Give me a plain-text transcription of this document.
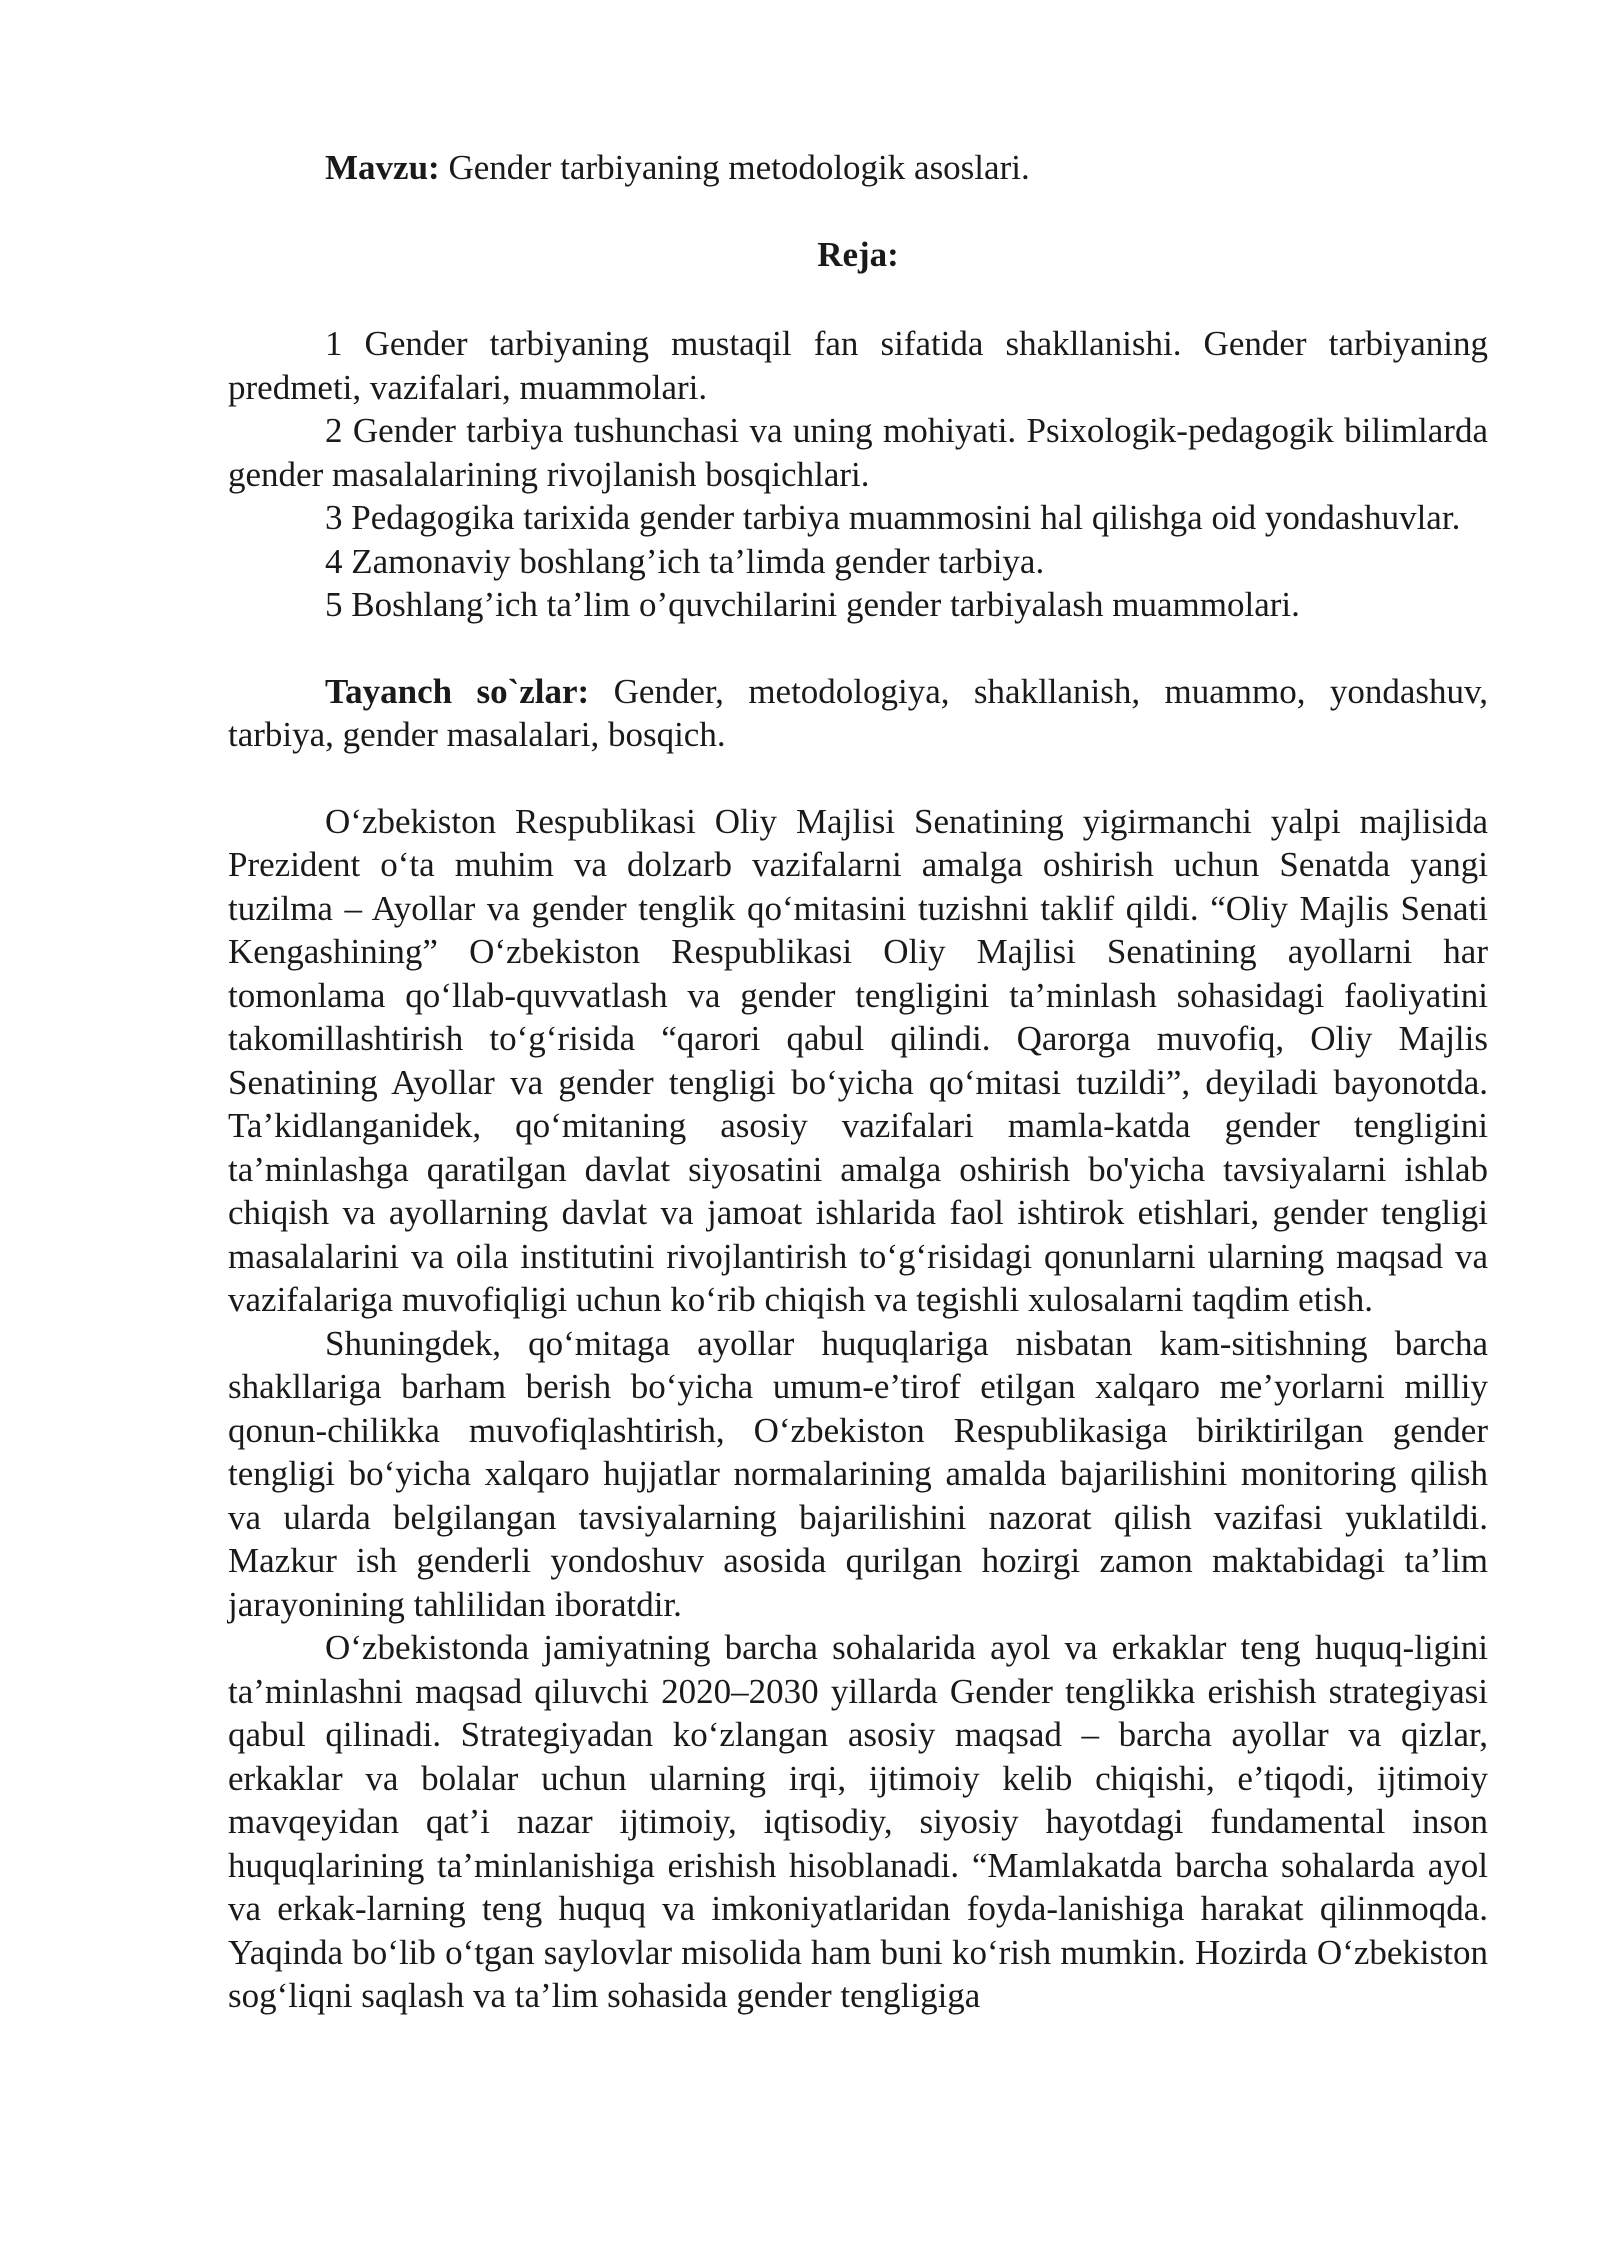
Mavzu: Gender tarbiyaning metodologik asoslari.

Reja:

1 Gender tarbiyaning mustaqil fan sifatida shakllanishi. Gender tarbiyaning predmeti, vazifalari, muammolari.
2 Gender tarbiya tushunchasi va uning mohiyati. Psixologik-pedagogik bilimlarda gender masalalarining rivojlanish bosqichlari.
3 Pedagogika tarixida gender tarbiya muammosini hal qilishga oid yondashuvlar.
4 Zamonaviy boshlang’ich ta’limda gender tarbiya.
5 Boshlang’ich ta’lim o’quvchilarini gender tarbiyalash muammolari.

Tayanch so`zlar: Gender, metodologiya, shakllanish, muammo, yondashuv, tarbiya, gender masalalari, bosqich.

O‘zbekiston Respublikasi Oliy Majlisi Senatining yigirmanchi yalpi majlisida Prezident o‘ta muhim va dolzarb vazifalarni amalga oshirish uchun Senatda yangi tuzilma – Ayollar va gender tenglik qo‘mitasini tuzishni taklif qildi. “Oliy Majlis Senati Kengashining” O‘zbekiston Respublikasi Oliy Majlisi Senatining ayollarni har tomonlama qo‘llab-quvvatlash va gender tengligini ta’minlash sohasidagi faoliyatini takomillashtirish to‘g‘risida “qarori qabul qilindi. Qarorga muvofiq, Oliy Majlis Senatining Ayollar va gender tengligi bo‘yicha qo‘mitasi tuzildi”, deyiladi bayonotda. Ta’kidlanganidek, qo‘mitaning asosiy vazifalari mamla-katda gender tengligini ta’minlashga qaratilgan davlat siyosatini amalga oshirish bo'yicha tavsiyalarni ishlab chiqish va ayollarning davlat va jamoat ishlarida faol ishtirok etishlari, gender tengligi masalalarini va oila institutini rivojlantirish to‘g‘risidagi qonunlarni ularning maqsad va vazifalariga muvofiqligi uchun ko‘rib chiqish va tegishli xulosalarni taqdim etish.

Shuningdek, qo‘mitaga ayollar huquqlariga nisbatan kam-sitishning barcha shakllariga barham berish bo‘yicha umum-e’tirof etilgan xalqaro me’yorlarni milliy qonun-chilikka muvofiqlashtirish, O‘zbekiston Respublikasiga biriktirilgan gender tengligi bo‘yicha xalqaro hujjatlar normalarining amalda bajarilishini monitoring qilish va ularda belgilangan tavsiyalarning bajarilishini nazorat qilish vazifasi yuklatildi. Mazkur ish genderli yondoshuv asosida qurilgan hozirgi zamon maktabidagi ta’lim jarayonining tahlilidan iboratdir.

O‘zbekistonda jamiyatning barcha sohalarida ayol va erkaklar teng huquq-ligini ta’minlashni maqsad qiluvchi 2020–2030 yillarda Gender tenglikka erishish strategiyasi qabul qilinadi. Strategiyadan ko‘zlangan asosiy maqsad – barcha ayollar va qizlar, erkaklar va bolalar uchun ularning irqi, ijtimoiy kelib chiqishi, e’tiqodi, ijtimoiy mavqeyidan qat’i nazar ijtimoiy, iqtisodiy, siyosiy hayotdagi fundamental inson huquqlarining ta’minlanishiga erishish hisoblanadi. “Mamlakatda barcha sohalarda ayol va erkak-larning teng huquq va imkoniyatlaridan foyda-lanishiga harakat qilinmoqda. Yaqinda bo‘lib o‘tgan saylovlar misolida ham buni ko‘rish mumkin. Hozirda O‘zbekiston sog‘liqni saqlash va ta’lim sohasida gender tengligiga
